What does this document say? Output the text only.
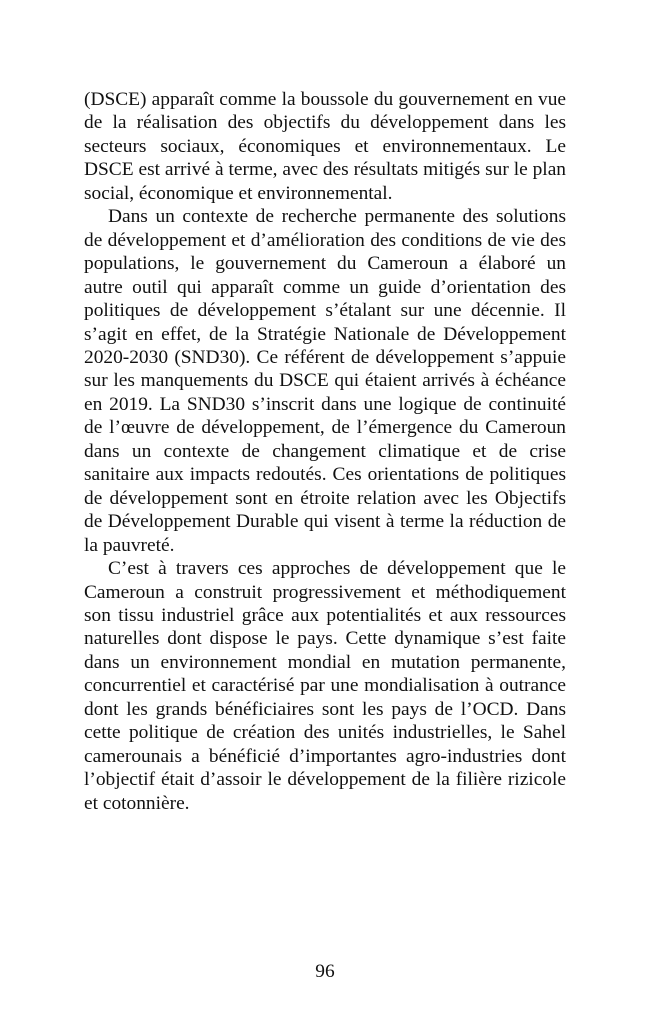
(DSCE) apparaît comme la boussole du gouvernement en vue de la réalisation des objectifs du développement dans les secteurs sociaux, économiques et environnementaux. Le DSCE est arrivé à terme, avec des résultats mitigés sur le plan social, économique et environnemental.

Dans un contexte de recherche permanente des solutions de développement et d’amélioration des conditions de vie des populations, le gouvernement du Cameroun a élaboré un autre outil qui apparaît comme un guide d’orientation des politiques de développement s’étalant sur une décennie. Il s’agit en effet, de la Stratégie Nationale de Développement 2020-2030 (SND30). Ce référent de développement s’appuie sur les manquements du DSCE qui étaient arrivés à échéance en 2019. La SND30 s’inscrit dans une logique de continuité de l’œuvre de développement, de l’émergence du Cameroun dans un contexte de changement climatique et de crise sanitaire aux impacts redoutés. Ces orientations de politiques de développement sont en étroite relation avec les Objectifs de Développement Durable qui visent à terme la réduction de la pauvreté.

C’est à travers ces approches de développement que le Cameroun a construit progressivement et méthodiquement son tissu industriel grâce aux potentialités et aux ressources naturelles dont dispose le pays. Cette dynamique s’est faite dans un environnement mondial en mutation permanente, concurrentiel et caractérisé par une mondialisation à outrance dont les grands bénéficiaires sont les pays de l’OCD. Dans cette politique de création des unités industrielles, le Sahel camerounais a bénéficié d’importantes agro-industries dont l’objectif était d’assoir le développement de la filière rizicole et cotonnière.

96
